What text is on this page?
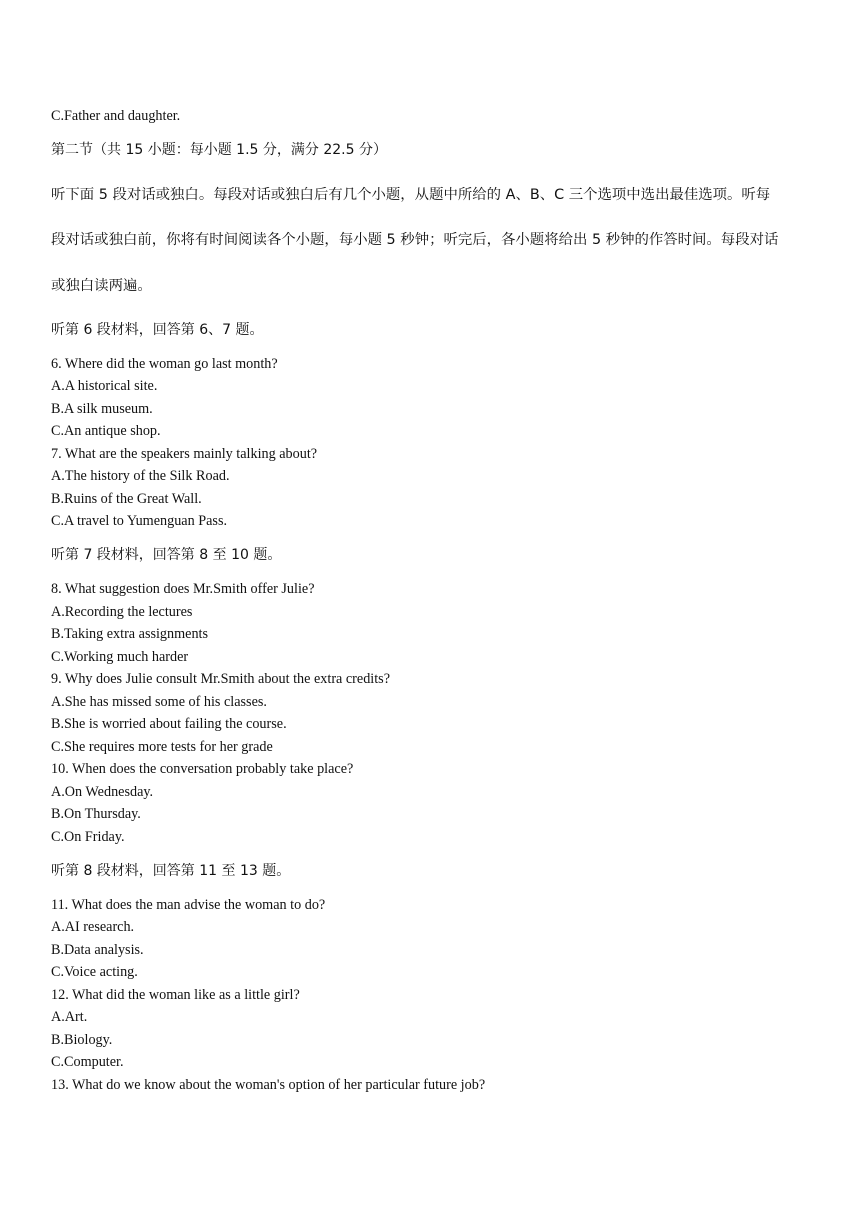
C.Father and daughter.
第二节（共 15 小题：每小题 1.5 分，满分 22.5 分）
听下面 5 段对话或独白。每段对话或独白后有几个小题，从题中所给的 A、B、C 三个选项中选出最佳选项。听每
段对话或独白前，你将有时间阅读各个小题，每小题 5 秒钟；听完后，各小题将给出 5 秒钟的作答时间。每段对话
或独白读两遍。
听第 6 段材料，回答第 6、7 题。
6. Where did the woman go last month?
A.A historical site.
B.A silk museum.
C.An antique shop.
7. What are the speakers mainly talking about?
A.The history of the Silk Road.
B.Ruins of the Great Wall.
C.A travel to Yumenguan Pass.
听第 7 段材料，回答第 8 至 10 题。
8. What suggestion does Mr.Smith offer Julie?
A.Recording the lectures
B.Taking extra assignments
C.Working much harder
9. Why does Julie consult Mr.Smith about the extra credits?
A.She has missed some of his classes.
B.She is worried about failing the course.
C.She requires more tests for her grade
10. When does the conversation probably take place?
A.On Wednesday.
B.On Thursday.
C.On Friday.
听第 8 段材料，回答第 11 至 13 题。
11. What does the man advise the woman to do?
A.AI research.
B.Data analysis.
C.Voice acting.
12. What did the woman like as a little girl?
A.Art.
B.Biology.
C.Computer.
13. What do we know about the woman's option of her particular future job?
